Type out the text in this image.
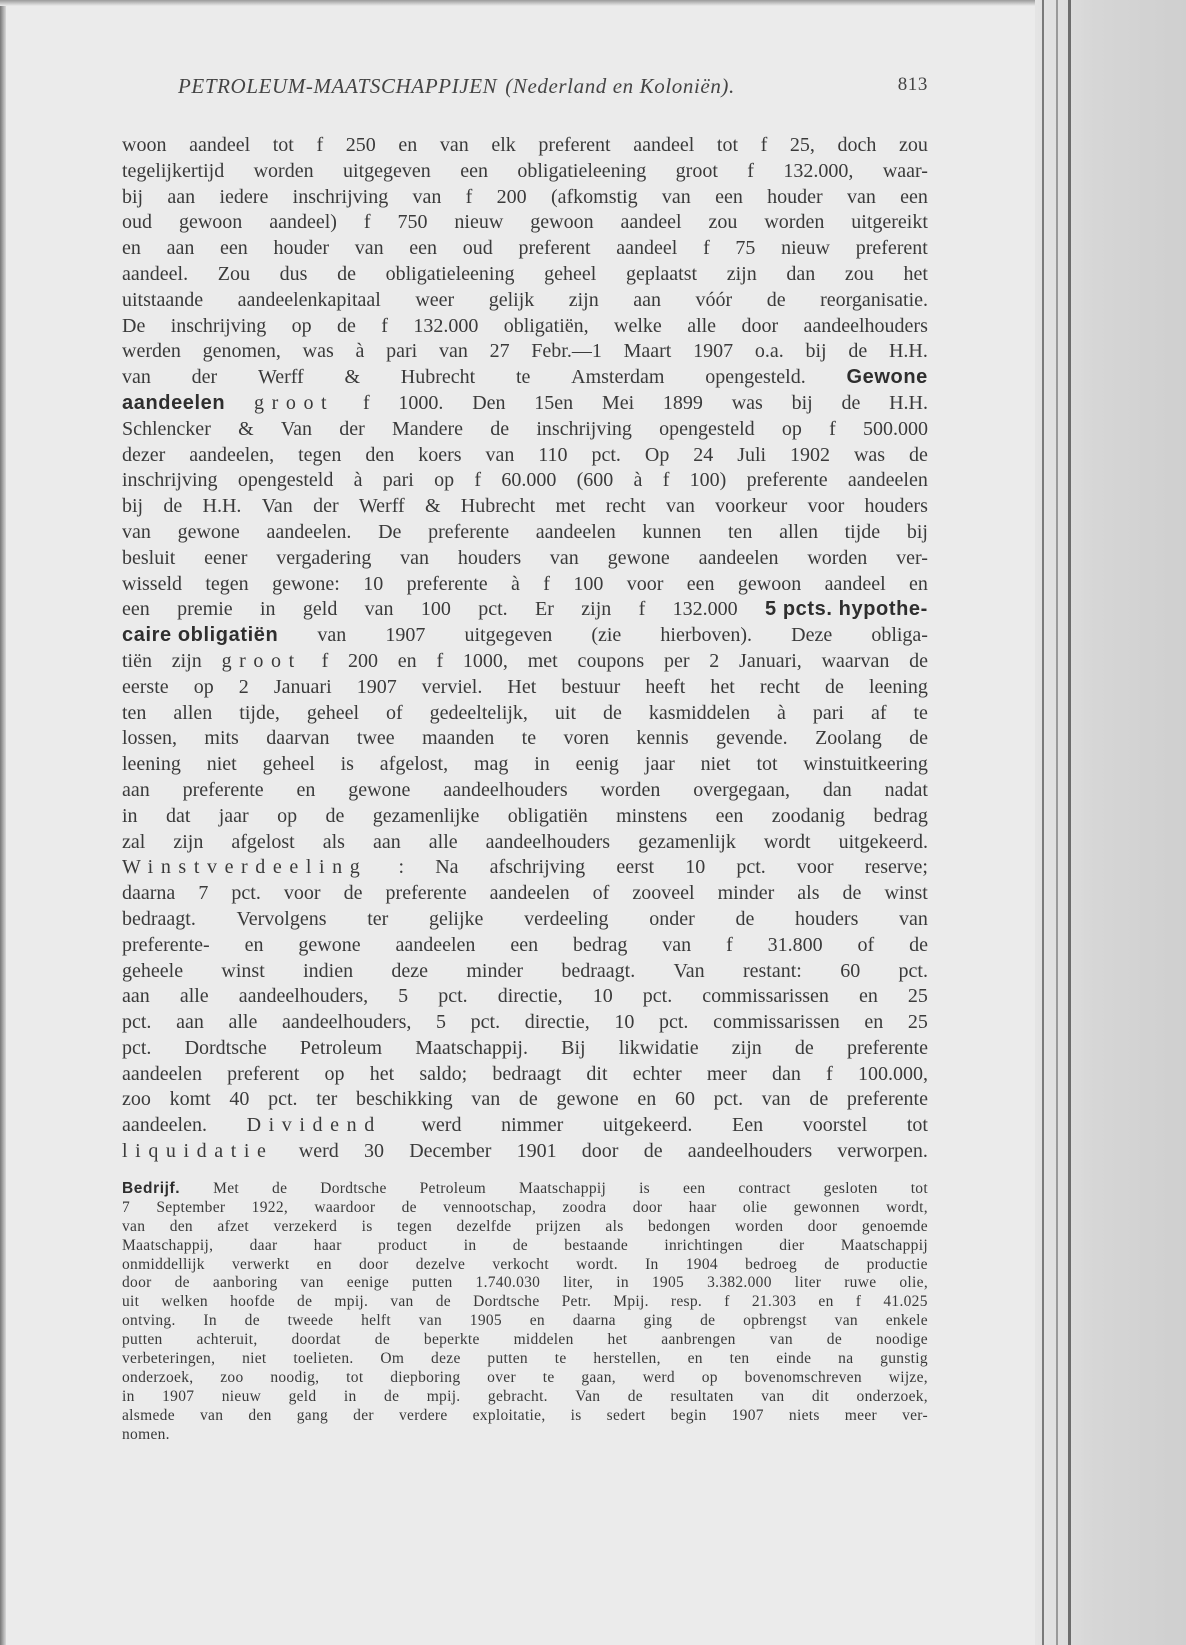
PETROLEUM-MAATSCHAPPIJEN (Nederland en Koloniën).	813
woon aandeel tot f 250 en van elk preferent aandeel tot f 25, doch zou
tegelijkertijd worden uitgegeven een obligatieleening groot f 132.000, waar-
bij aan iedere inschrijving van f 200 (afkomstig van een houder van een
oud gewoon aandeel) f 750 nieuw gewoon aandeel zou worden uitgereikt
en aan een houder van een oud preferent aandeel f 75 nieuw preferent
aandeel. Zou dus de obligatieleening geheel geplaatst zijn dan zou het
uitstaande aandeelenkapitaal weer gelijk zijn aan vóór de reorganisatie.
De inschrijving op de f 132.000 obligatiën, welke alle door aandeelhouders
werden genomen, was à pari van 27 Febr.—1 Maart 1907 o.a. bij de H.H.
van der Werff & Hubrecht te Amsterdam opengesteld. Gewone
aandeelen groot f 1000. Den 15en Mei 1899 was bij de H.H.
Schlencker & Van der Mandere de inschrijving opengesteld op f 500.000
dezer aandeelen, tegen den koers van 110 pct. Op 24 Juli 1902 was de
inschrijving opengesteld à pari op f 60.000 (600 à f 100) preferente aandeelen
bij de H.H. Van der Werff & Hubrecht met recht van voorkeur voor houders
van gewone aandeelen. De preferente aandeelen kunnen ten allen tijde bij
besluit eener vergadering van houders van gewone aandeelen worden ver-
wisseld tegen gewone: 10 preferente à f 100 voor een gewoon aandeel en
een premie in geld van 100 pct. Er zijn f 132.000 5 pcts. hypothe-
caire obligatiën van 1907 uitgegeven (zie hierboven). Deze obliga-
tiën zijn groot f 200 en f 1000, met coupons per 2 Januari, waarvan de
eerste op 2 Januari 1907 verviel. Het bestuur heeft het recht de leening
ten allen tijde, geheel of gedeeltelijk, uit de kasmiddelen à pari af te
lossen, mits daarvan twee maanden te voren kennis gevende. Zoolang de
leening niet geheel is afgelost, mag in eenig jaar niet tot winstuitkeering
aan preferente en gewone aandeelhouders worden overgegaan, dan nadat
in dat jaar op de gezamenlijke obligatiën minstens een zoodanig bedrag
zal zijn afgelost als aan alle aandeelhouders gezamenlijk wordt uitgekeerd.
Winstverdeeling : Na afschrijving eerst 10 pct. voor reserve;
daarna 7 pct. voor de preferente aandeelen of zooveel minder als de winst
bedraagt. Vervolgens ter gelijke verdeeling onder de houders van
preferente- en gewone aandeelen een bedrag van f 31.800 of de
geheele winst indien deze minder bedraagt. Van restant: 60 pct.
aan alle aandeelhouders, 5 pct. directie, 10 pct. commissarissen en 25
pct. aan alle aandeelhouders, 5 pct. directie, 10 pct. commissarissen en 25
pct. Dordtsche Petroleum Maatschappij. Bij likwidatie zijn de preferente
aandeelen preferent op het saldo; bedraagt dit echter meer dan f 100.000,
zoo komt 40 pct. ter beschikking van de gewone en 60 pct. van de preferente
aandeelen. Dividend werd nimmer uitgekeerd. Een voorstel tot
liquidatie werd 30 December 1901 door de aandeelhouders verworpen.
Bedrijf. Met de Dordtsche Petroleum Maatschappij is een contract gesloten tot
7 September 1922, waardoor de vennootschap, zoodra door haar olie gewonnen wordt,
van den afzet verzekerd is tegen dezelfde prijzen als bedongen worden door genoemde
Maatschappij, daar haar product in de bestaande inrichtingen dier Maatschappij
onmiddellijk verwerkt en door dezelve verkocht wordt. In 1904 bedroeg de productie
door de aanboring van eenige putten 1.740.030 liter, in 1905 3.382.000 liter ruwe olie,
uit welken hoofde de mpij. van de Dordtsche Petr. Mpij. resp. f 21.303 en f 41.025
ontving. In de tweede helft van 1905 en daarna ging de opbrengst van enkele
putten achteruit, doordat de beperkte middelen het aanbrengen van de noodige
verbeteringen, niet toelieten. Om deze putten te herstellen, en ten einde na gunstig
onderzoek, zoo noodig, tot diepboring over te gaan, werd op bovenomschreven wijze,
in 1907 nieuw geld in de mpij. gebracht. Van de resultaten van dit onderzoek,
alsmede van den gang der verdere exploitatie, is sedert begin 1907 niets meer ver-
nomen.
